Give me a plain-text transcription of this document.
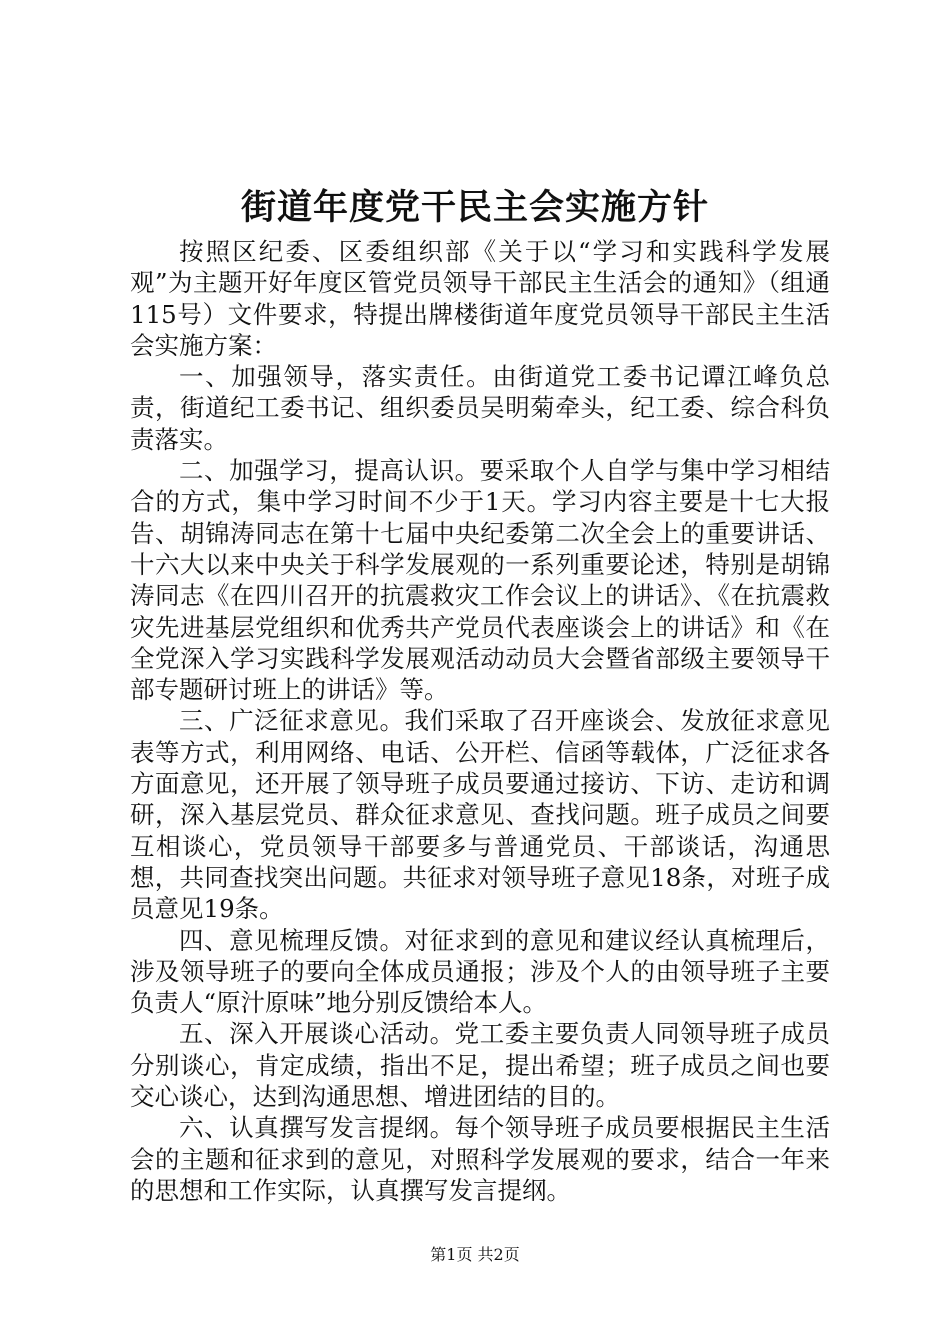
街道年度党干民主会实施方针

按照区纪委、区委组织部《关于以“学习和实践科学发展观”为主题开好年度区管党员领导干部民主生活会的通知》（组通115号）文件要求，特提出牌楼街道年度党员领导干部民主生活会实施方案：

一、加强领导，落实责任。由街道党工委书记谭江峰负总责，街道纪工委书记、组织委员吴明菊牵头，纪工委、综合科负责落实。

二、加强学习，提高认识。要采取个人自学与集中学习相结合的方式，集中学习时间不少于1天。学习内容主要是十七大报告、胡锦涛同志在第十七届中央纪委第二次全会上的重要讲话、十六大以来中央关于科学发展观的一系列重要论述，特别是胡锦涛同志《在四川召开的抗震救灾工作会议上的讲话》、《在抗震救灾先进基层党组织和优秀共产党员代表座谈会上的讲话》和《在全党深入学习实践科学发展观活动动员大会暨省部级主要领导干部专题研讨班上的讲话》等。

三、广泛征求意见。我们采取了召开座谈会、发放征求意见表等方式，利用网络、电话、公开栏、信函等载体，广泛征求各方面意见，还开展了领导班子成员要通过接访、下访、走访和调研，深入基层党员、群众征求意见、查找问题。班子成员之间要互相谈心，党员领导干部要多与普通党员、干部谈话，沟通思想，共同查找突出问题。共征求对领导班子意见18条，对班子成员意见19条。

四、意见梳理反馈。对征求到的意见和建议经认真梳理后，涉及领导班子的要向全体成员通报；涉及个人的由领导班子主要负责人“原汁原味”地分别反馈给本人。

五、深入开展谈心活动。党工委主要负责人同领导班子成员分别谈心，肯定成绩，指出不足，提出希望；班子成员之间也要交心谈心，达到沟通思想、增进团结的目的。

六、认真撰写发言提纲。每个领导班子成员要根据民主生活会的主题和征求到的意见，对照科学发展观的要求，结合一年来的思想和工作实际，认真撰写发言提纲。

第1页 共2页
